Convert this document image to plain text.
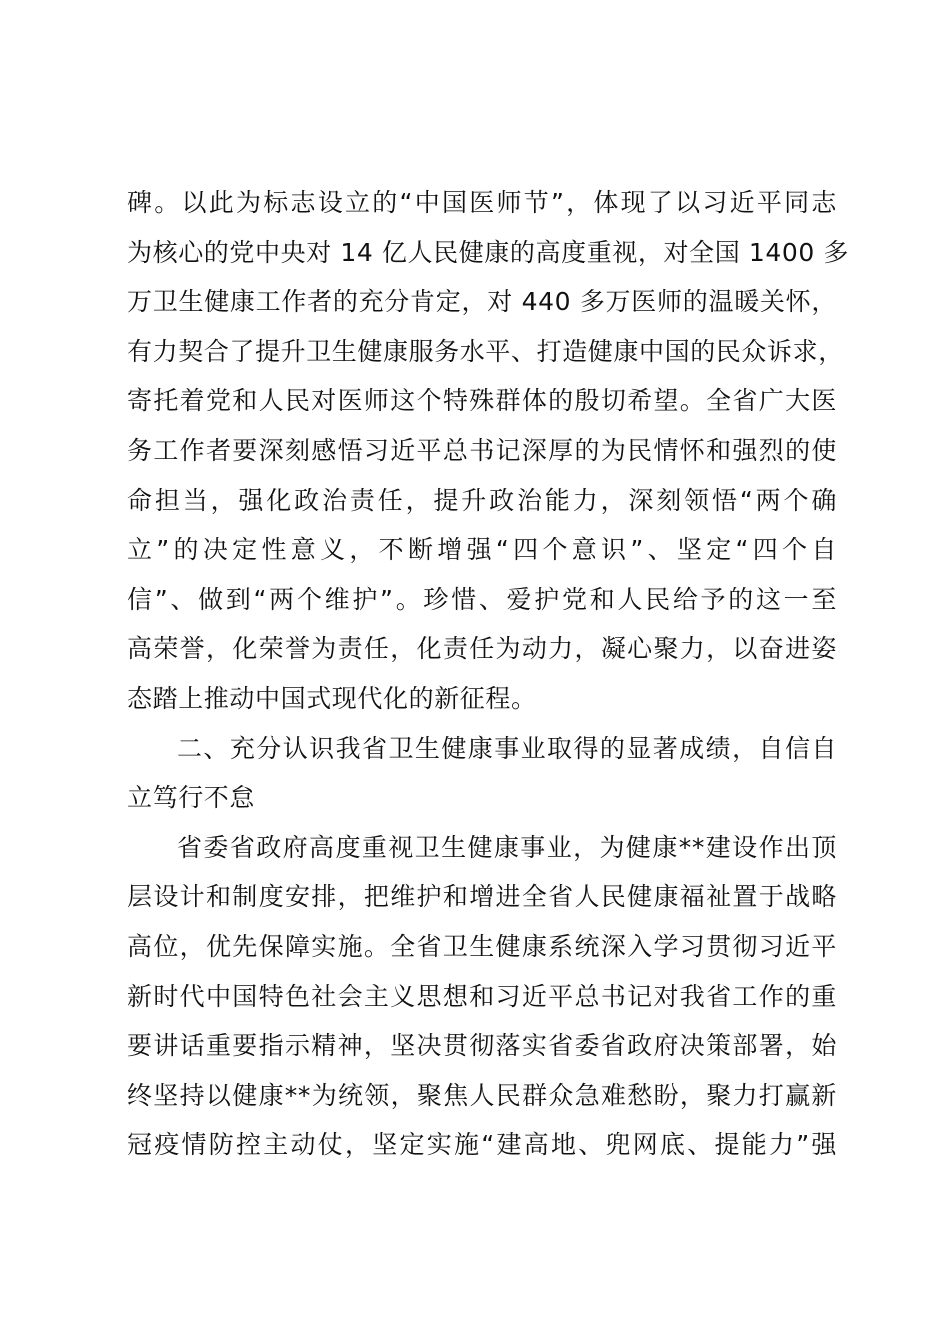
碑。以此为标志设立的“中国医师节”，体现了以习近平同志
为核心的党中央对 14 亿人民健康的高度重视，对全国 1400 多
万卫生健康工作者的充分肯定，对 440 多万医师的温暖关怀，
有力契合了提升卫生健康服务水平、打造健康中国的民众诉求，
寄托着党和人民对医师这个特殊群体的殷切希望。全省广大医
务工作者要深刻感悟习近平总书记深厚的为民情怀和强烈的使
命担当，强化政治责任，提升政治能力，深刻领悟“两个确
立”的决定性意义，不断增强“四个意识”、坚定“四个自
信”、做到“两个维护”。珍惜、爱护党和人民给予的这一至
高荣誉，化荣誉为责任，化责任为动力，凝心聚力，以奋进姿
态踏上推动中国式现代化的新征程。
二、充分认识我省卫生健康事业取得的显著成绩，自信自
立笃行不怠
省委省政府高度重视卫生健康事业，为健康**建设作出顶
层设计和制度安排，把维护和增进全省人民健康福祉置于战略
高位，优先保障实施。全省卫生健康系统深入学习贯彻习近平
新时代中国特色社会主义思想和习近平总书记对我省工作的重
要讲话重要指示精神，坚决贯彻落实省委省政府决策部署，始
终坚持以健康**为统领，聚焦人民群众急难愁盼，聚力打赢新
冠疫情防控主动仗，坚定实施“建高地、兜网底、提能力”强
